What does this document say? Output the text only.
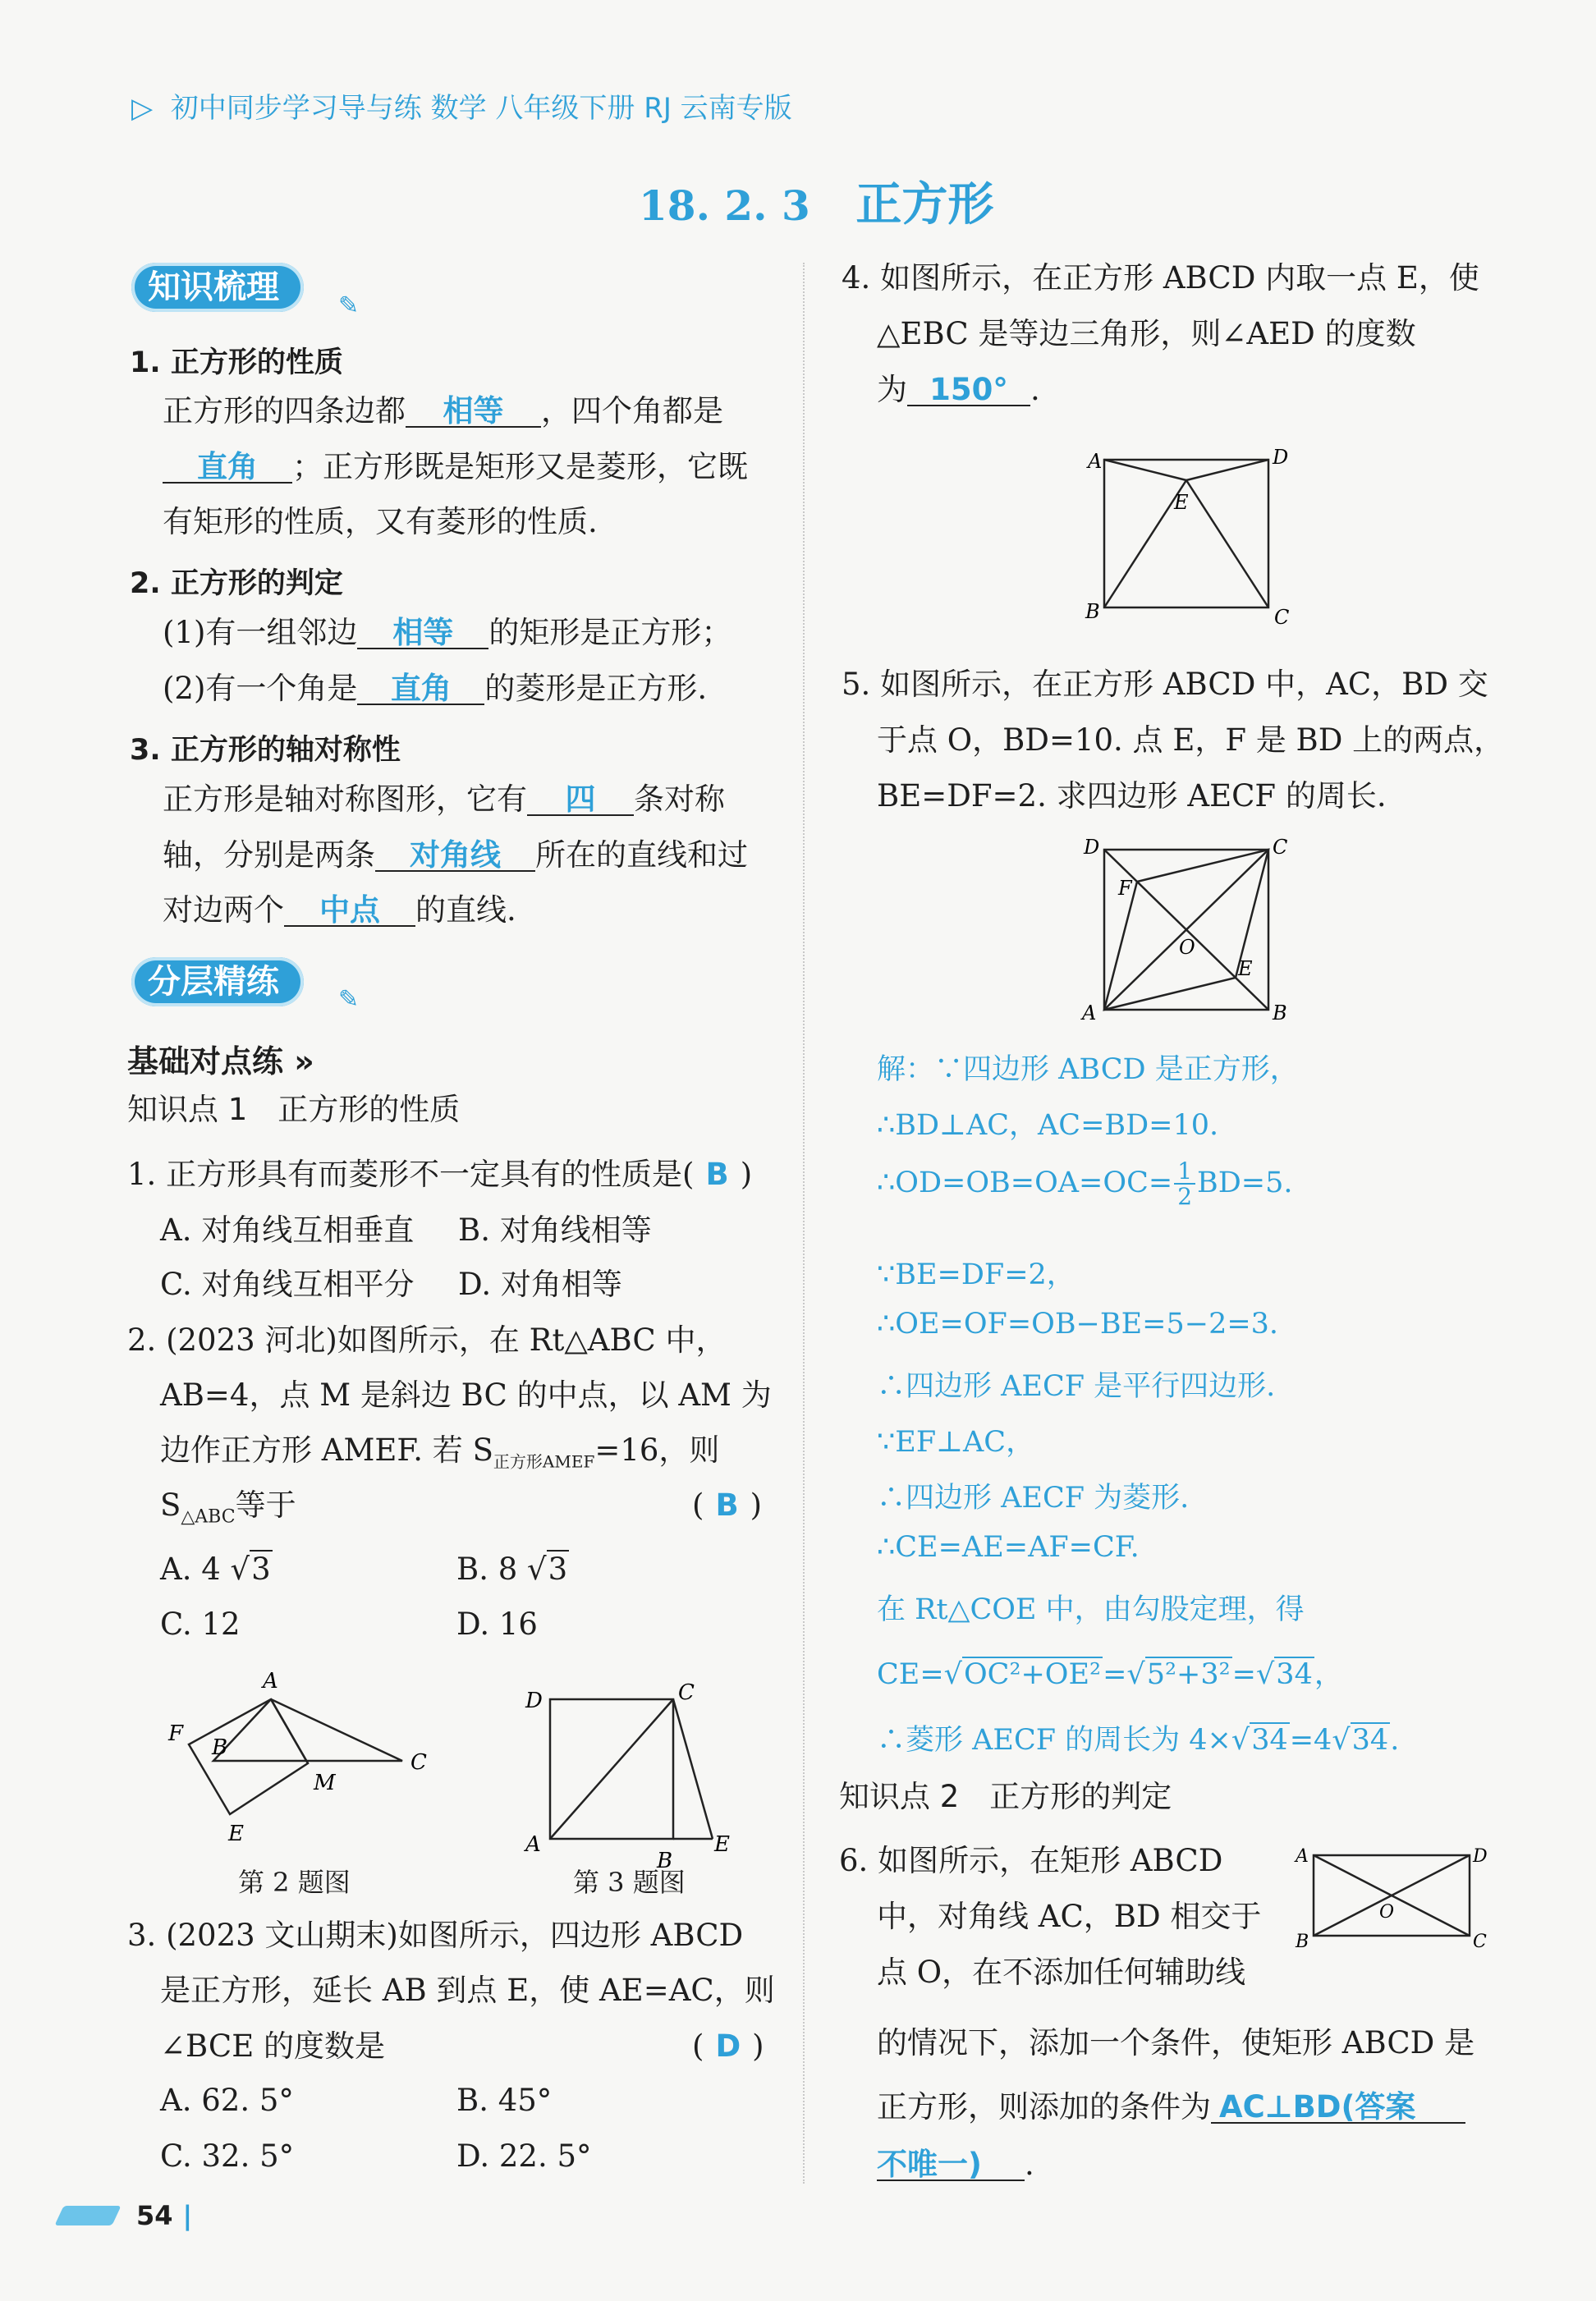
▷ 初中同步学习导与练 数学 八年级下册 RJ 云南专版
18. 2. 3 正方形
知识梳理	✎
1. 正方形的性质
正方形的四条边都 相等 ，四个角都是
直角 ；正方形既是矩形又是菱形，它既
有矩形的性质，又有菱形的性质.
2. 正方形的判定
(1)有一组邻边 相等 的矩形是正方形；
(2)有一个角是 直角 的菱形是正方形.
3. 正方形的轴对称性
正方形是轴对称图形，它有 四 条对称
轴，分别是两条 对角线 所在的直线和过
对边两个 中点 的直线.
分层精练	✎
基础对点练 »
知识点 1　正方形的性质
1. 正方形具有而菱形不一定具有的性质是( B )
A. 对角线互相垂直 B. 对角线相等
C. 对角线互相平分 D. 对角相等
2. (2023 河北)如图所示，在 Rt△ABC 中，
AB=4，点 M 是斜边 BC 的中点，以 AM 为
边作正方形 AMEF. 若 $S_{正方形AMEF}=16$，则
$S_{\triangle ABC}$等于	( B )
A. 4 √3	B. 8 √3
C. 12	D. 16
A
F
B
C
M
E
第 2 题图
D	C
A
B
E
第 3 题图
3. (2023 文山期末)如图所示，四边形 ABCD
是正方形，延长 AB 到点 E，使 AE=AC，则
∠BCE 的度数是	( D )
A. 62. 5°	B. 45°
C. 32. 5°	D. 22. 5°
4. 如图所示，在正方形 ABCD 内取一点 E，使
△EBC 是等边三角形，则∠AED 的度数
为 150° .
A	D
E
B	C
5. 如图所示，在正方形 ABCD 中，AC，BD 交
于点 O，BD=10. 点 E，F 是 BD 上的两点，
BE=DF=2. 求四边形 AECF 的周长.
D	C
F
O
E
A	B
解：∵四边形 ABCD 是正方形，
∴BD⊥AC，AC=BD=10.
∴OD=OB=OA=OC= $\frac{1}{2}BD=5$.
∵BE=DF=2，
∴OE=OF=OB−BE=5−2=3.
∴四边形 AECF 是平行四边形.
∵EF⊥AC，
∴四边形 AECF 为菱形.
∴CE=AE=AF=CF.
在 Rt△COE 中，由勾股定理，得
CE=√OC²+OE²=√5²+3²=√34，
∴菱形 AECF 的周长为 4×√34=4√34.
知识点 2　正方形的判定
6. 如图所示，在矩形 ABCD
中，对角线 AC，BD 相交于
点 O，在不添加任何辅助线
A	D
O
B	C
的情况下，添加一个条件，使矩形 ABCD 是
正方形，则添加的条件为 AC⊥BD(答案
不唯一) .
54 |
